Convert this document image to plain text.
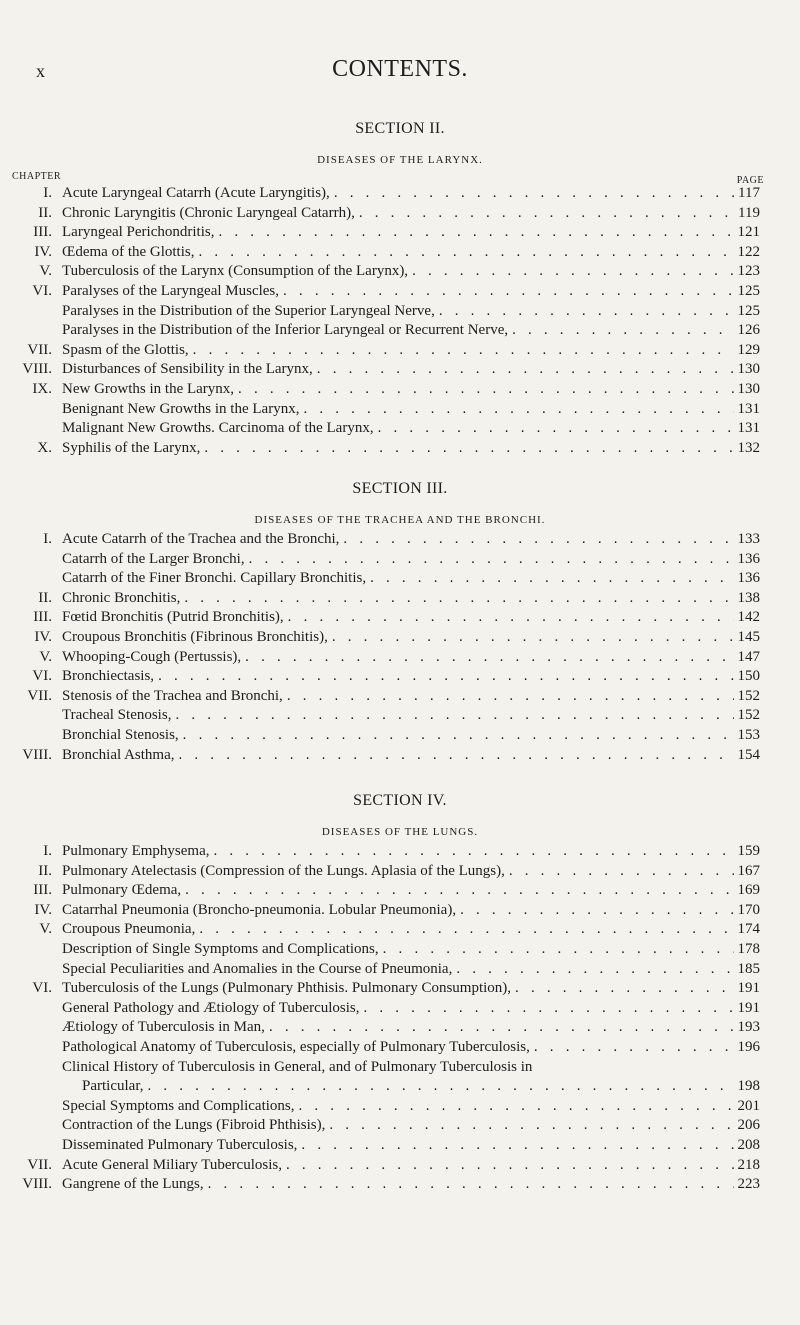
x	CONTENTS.
SECTION II.
DISEASES OF THE LARYNX.
CHAPTER	PAGE
I. Acute Laryngeal Catarrh (Acute Laryngitis), . . .	117
II. Chronic Laryngitis (Chronic Laryngeal Catarrh), . . .	119
III. Laryngeal Perichondritis, . . .	121
IV. Œdema of the Glottis, . . .	122
V. Tuberculosis of the Larynx (Consumption of the Larynx), . . .	123
VI. Paralyses of the Laryngeal Muscles, . . .	125
Paralyses in the Distribution of the Superior Laryngeal Nerve, . . .	125
Paralyses in the Distribution of the Inferior Laryngeal or Recurrent Nerve, . . .	126
VII. Spasm of the Glottis, . . .	129
VIII. Disturbances of Sensibility in the Larynx, . . .	130
IX. New Growths in the Larynx, . . .	130
Benignant New Growths in the Larynx, . . .	131
Malignant New Growths. Carcinoma of the Larynx, . . .	131
X. Syphilis of the Larynx, . . .	132
SECTION III.
DISEASES OF THE TRACHEA AND THE BRONCHI.
I. Acute Catarrh of the Trachea and the Bronchi, . . .	133
Catarrh of the Larger Bronchi, . . .	136
Catarrh of the Finer Bronchi. Capillary Bronchitis, . . .	136
II. Chronic Bronchitis, . . .	138
III. Fœtid Bronchitis (Putrid Bronchitis), . . .	142
IV. Croupous Bronchitis (Fibrinous Bronchitis), . . .	145
V. Whooping-Cough (Pertussis), . . .	147
VI. Bronchiectasis, . . .	150
VII. Stenosis of the Trachea and Bronchi, . . .	152
Tracheal Stenosis, . . .	152
Bronchial Stenosis, . . .	153
VIII. Bronchial Asthma, . . .	154
SECTION IV.
DISEASES OF THE LUNGS.
I. Pulmonary Emphysema, . . .	159
II. Pulmonary Atelectasis (Compression of the Lungs. Aplasia of the Lungs), . . .	167
III. Pulmonary Œdema, . . .	169
IV. Catarrhal Pneumonia (Broncho-pneumonia. Lobular Pneumonia), . . .	170
V. Croupous Pneumonia, . . .	174
Description of Single Symptoms and Complications, . . .	178
Special Peculiarities and Anomalies in the Course of Pneumonia, . . .	185
VI. Tuberculosis of the Lungs (Pulmonary Phthisis. Pulmonary Consumption), . . .	191
General Pathology and Ætiology of Tuberculosis, . . .	191
Ætiology of Tuberculosis in Man, . . .	193
Pathological Anatomy of Tuberculosis, especially of Pulmonary Tuberculosis, . . .	196
Clinical History of Tuberculosis in General, and of Pulmonary Tuberculosis in
Particular, . . .	198
Special Symptoms and Complications, . . .	201
Contraction of the Lungs (Fibroid Phthisis), . . .	206
Disseminated Pulmonary Tuberculosis, . . .	208
VII. Acute General Miliary Tuberculosis, . . .	218
VIII. Gangrene of the Lungs, . . .	223
